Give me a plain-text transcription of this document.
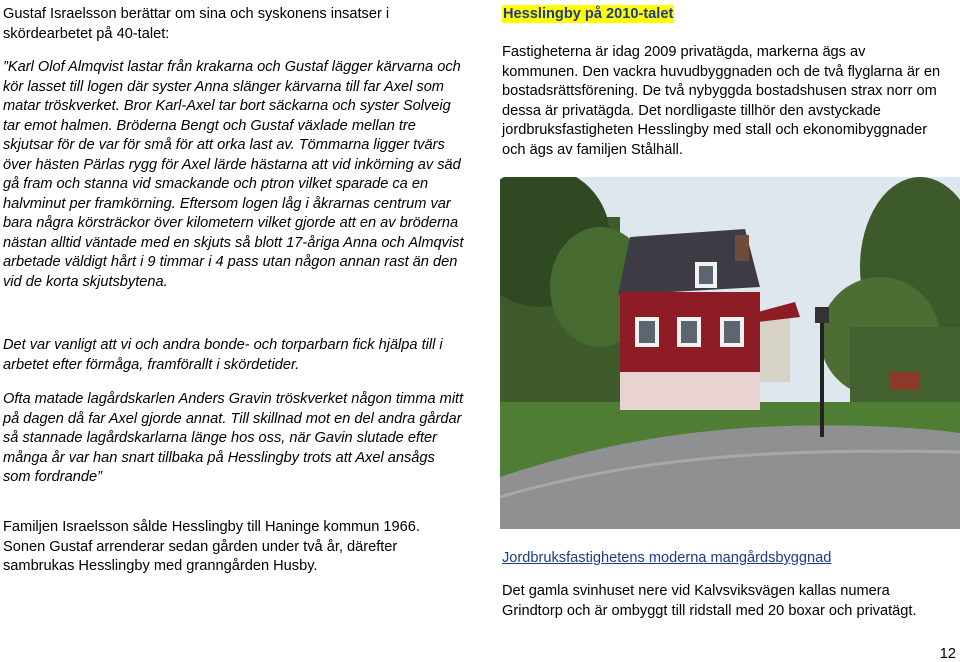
Gustaf Israelsson berättar om sina och syskonens insatser i skördearbetet på 40-talet:

”Karl Olof Almqvist lastar från krakarna och Gustaf lägger kärvarna och kör lasset till logen där syster Anna slänger kärvarna till far Axel som matar tröskverket. Bror Karl-Axel tar bort säckarna och syster Solveig tar emot halmen. Bröderna Bengt och Gustaf växlade mellan tre skjutsar för de var för små för att orka last av. Tömmarna ligger tvärs över hästen Pärlas rygg för Axel lärde hästarna att vid inkörning av säd gå fram och stanna vid smackande och ptron vilket sparade ca en halvminut per framkörning. Eftersom logen låg i åkrarnas centrum var bara några körsträckor över kilometern vilket gjorde att en av bröderna nästan alltid väntade med en skjuts så blott 17-åriga Anna och Almqvist arbetade väldigt hårt i 9 timmar i 4 pass utan någon annan rast än den vid de korta skjutsbytena.

Det var vanligt att vi och andra bonde- och torparbarn fick hjälpa till i arbetet efter förmåga, framförallt i skördetider.

Ofta matade lagårdskarlen Anders Gravin tröskverket någon timma mitt på dagen då far Axel gjorde annat. Till skillnad mot en del andra gårdar så stannade lagårdskarlarna länge hos oss, när Gavin slutade efter många år var han snart tillbaka på Hesslingby trots att Axel ansågs som fordrande”

Familjen Israelsson sålde Hesslingby till Haninge kommun 1966. Sonen Gustaf arrenderar sedan gården under två år, därefter sambrukas Hesslingby med granngården Husby.

Hesslingby på 2010-talet

Fastigheterna är idag 2009 privatägda, markerna ägs av kommunen. Den vackra huvudbyggnaden och de två flyglarna är en bostadsrättsförening. De två nybyggda bostadshusen strax norr om dessa är privatägda. Det nordligaste tillhör den avstyckade jordbruksfastigheten Hesslingby med stall och ekonomibyggnader och ägs av familjen Stålhäll.

Jordbruksfastighetens moderna mangårdsbyggnad

Det gamla svinhuset nere vid Kalvsviksvägen kallas numera Grindtorp och är ombyggt till ridstall med 20 boxar och privatägt.

12
